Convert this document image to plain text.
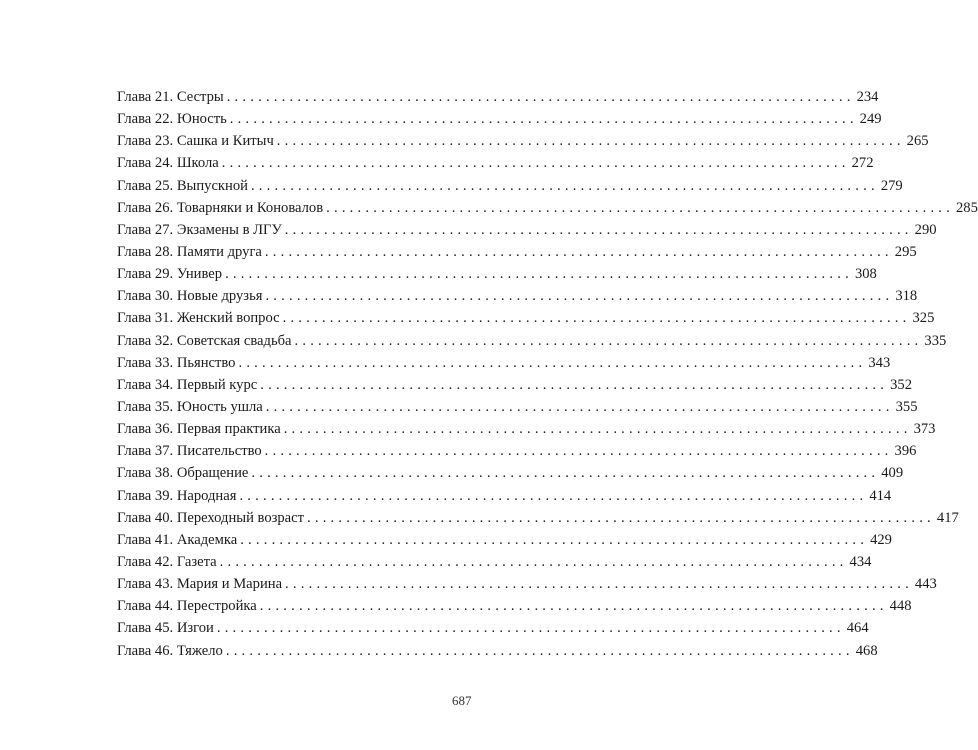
Глава 21. Сестры ................................................................................ 234
Глава 22. Юность ................................................................................ 249
Глава 23. Сашка и Китыч ................................................................................ 265
Глава 24. Школа ................................................................................ 272
Глава 25. Выпускной ................................................................................ 279
Глава 26. Товарняки и Коновалов ................................................................................ 285
Глава 27. Экзамены в ЛГУ ................................................................................ 290
Глава 28. Памяти друга ................................................................................ 295
Глава 29. Универ ................................................................................ 308
Глава 30. Новые друзья ................................................................................ 318
Глава 31. Женский вопрос ................................................................................ 325
Глава 32. Советская свадьба ................................................................................ 335
Глава 33. Пьянство ................................................................................ 343
Глава 34. Первый курс ................................................................................ 352
Глава 35. Юность ушла ................................................................................ 355
Глава 36. Первая практика ................................................................................ 373
Глава 37. Писательство ................................................................................ 396
Глава 38. Обращение ................................................................................ 409
Глава 39. Народная ................................................................................ 414
Глава 40. Переходный возраст ................................................................................ 417
Глава 41. Академка ................................................................................ 429
Глава 42. Газета ................................................................................ 434
Глава 43. Мария и Марина ................................................................................ 443
Глава 44. Перестройка ................................................................................ 448
Глава 45. Изгои ................................................................................ 464
Глава 46. Тяжело ................................................................................ 468
687
